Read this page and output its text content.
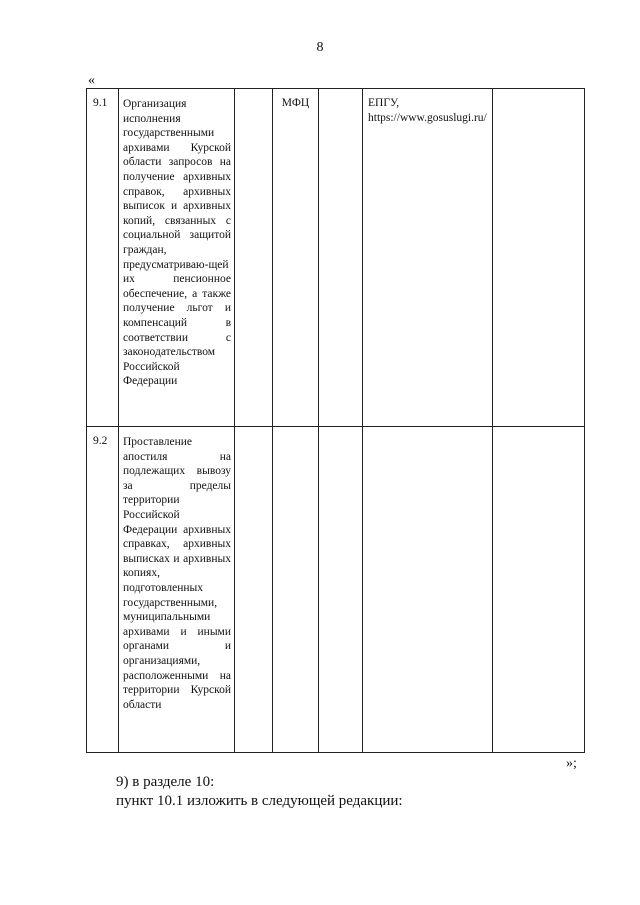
8
«
9.1	Организация исполнения государственными архивами Курской области запросов на получение архивных справок, архивных выписок и архивных копий, связанных с социальной защитой граждан, предусматриваю-щей их пенсионное обеспечение, а также получение льгот и компенсаций в соответствии с законодательством Российской Федерации		МФЦ		ЕПГУ, https://www.gosuslugi.ru/	
9.2	Проставление апостиля на подлежащих вывозу за пределы территории Российской Федерации архивных справках, архивных выписках и архивных копиях, подготовленных государственными, муниципальными архивами и иными органами и организациями, расположенными на территории Курской области					
»;
9) в разделе 10:
пункт 10.1 изложить в следующей редакции:
